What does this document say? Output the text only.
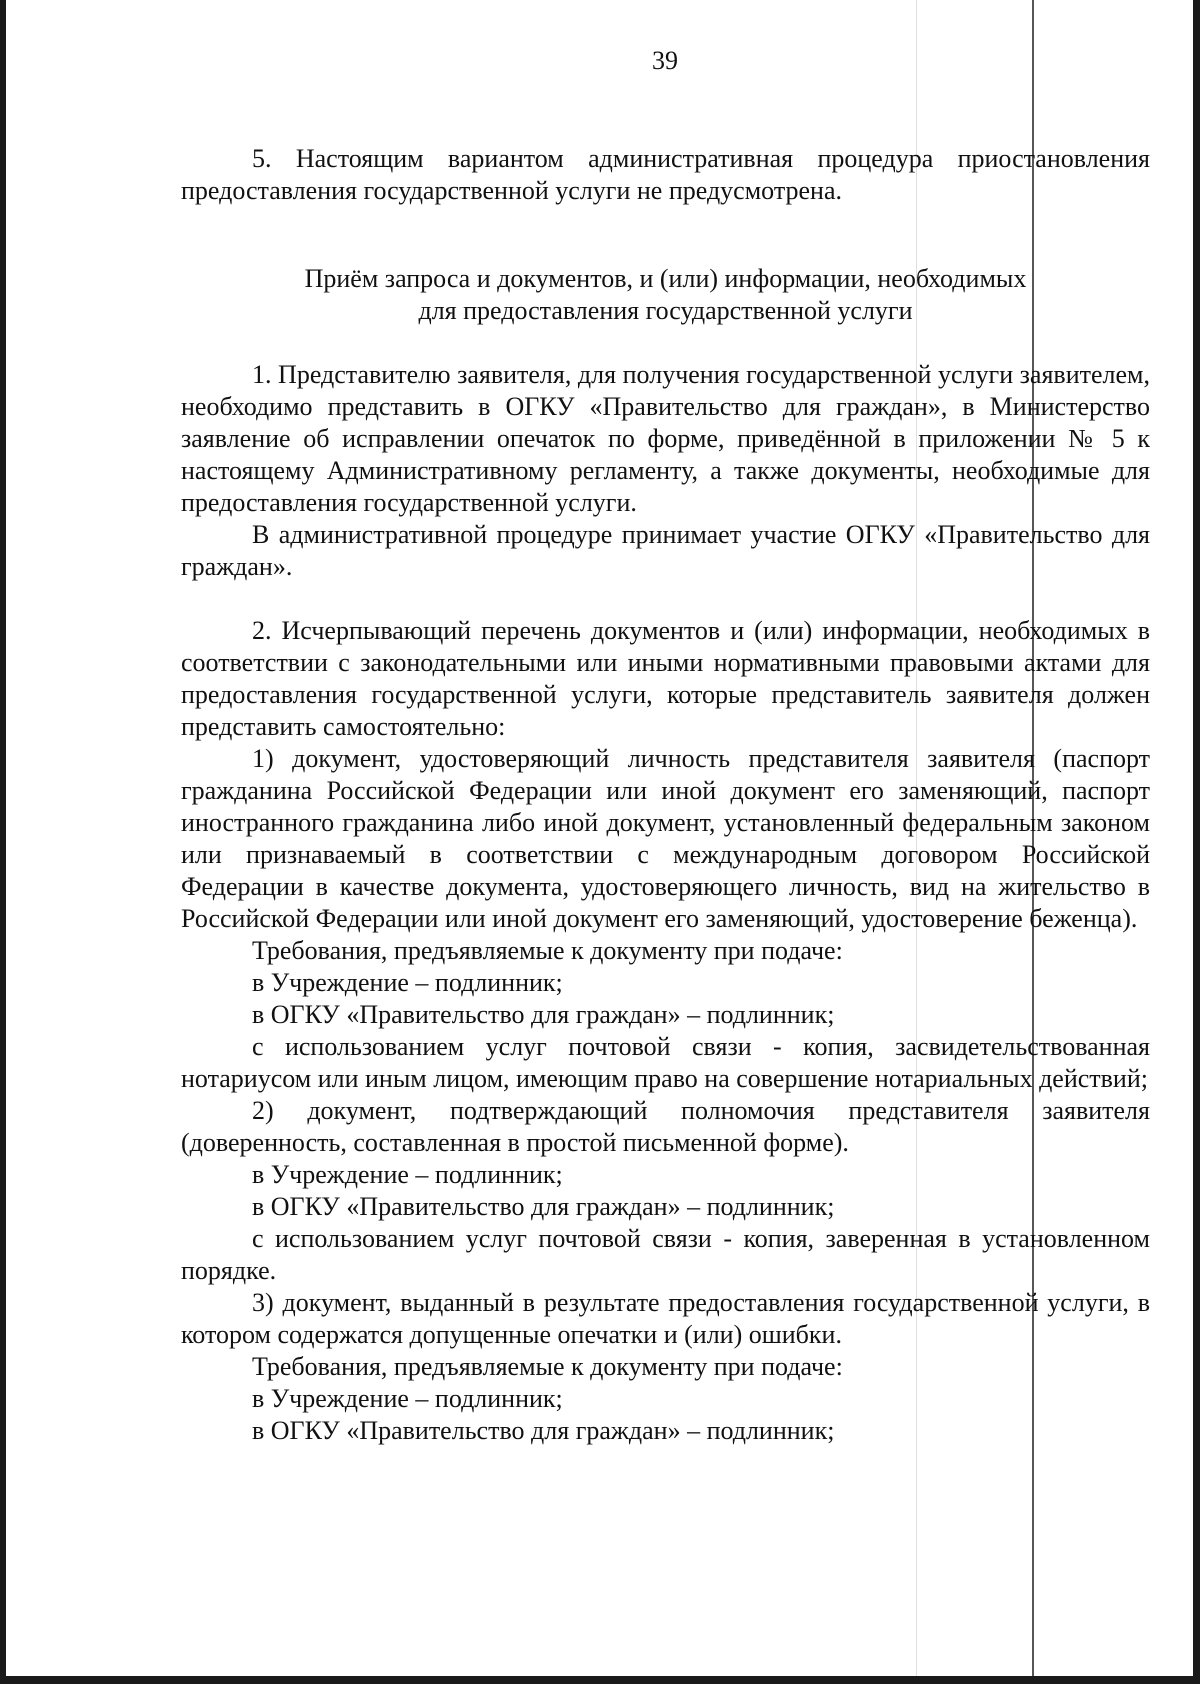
39

5. Настоящим вариантом административная процедура приостановления предоставления государственной услуги не предусмотрена.

Приём запроса и документов, и (или) информации, необходимых

для предоставления государственной услуги

1. Представителю заявителя, для получения государственной услуги заявителем, необходимо представить в ОГКУ «Правительство для граждан», в Министерство заявление об исправлении опечаток по форме, приведённой в приложении № 5 к настоящему Административному регламенту, а также документы, необходимые для предоставления государственной услуги.

В административной процедуре принимает участие ОГКУ «Правительство для граждан».

2. Исчерпывающий перечень документов и (или) информации, необходимых в соответствии с законодательными или иными нормативными правовыми актами для предоставления государственной услуги, которые представитель заявителя должен представить самостоятельно:

1) документ, удостоверяющий личность представителя заявителя (паспорт гражданина Российской Федерации или иной документ его заменяющий, паспорт иностранного гражданина либо иной документ, установленный федеральным законом или признаваемый в соответствии с международным договором Российской Федерации в качестве документа, удостоверяющего личность, вид на жительство в Российской Федерации или иной документ его заменяющий, удостоверение беженца).

Требования, предъявляемые к документу при подаче:

в Учреждение – подлинник;

в ОГКУ «Правительство для граждан» – подлинник;

с использованием услуг почтовой связи - копия, засвидетельствованная нотариусом или иным лицом, имеющим право на совершение нотариальных действий;

2) документ, подтверждающий полномочия представителя заявителя (доверенность, составленная в простой письменной форме).

в Учреждение – подлинник;

в ОГКУ «Правительство для граждан» – подлинник;

с использованием услуг почтовой связи - копия, заверенная в установленном порядке.

3) документ, выданный в результате предоставления государственной услуги, в котором содержатся допущенные опечатки и (или) ошибки.

Требования, предъявляемые к документу при подаче:

в Учреждение – подлинник;

в ОГКУ «Правительство для граждан» – подлинник;
